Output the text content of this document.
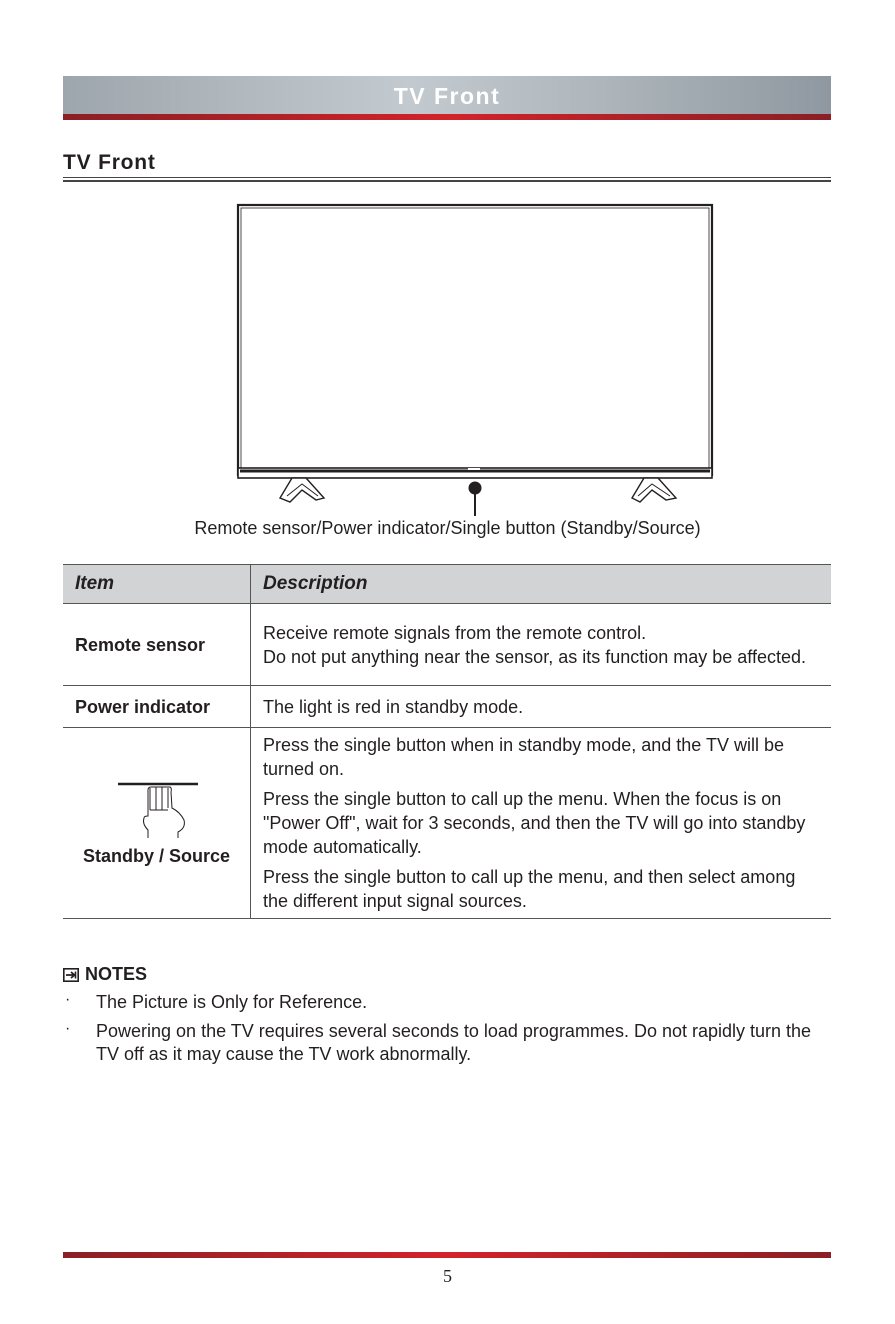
TV Front
TV Front
Remote sensor/Power indicator/Single button (Standby/Source)
Item	Description
Remote sensor	Receive remote signals from the remote control.
Do not put anything near the sensor, as its function may be affected.
Power indicator	The light is red in standby mode.

Standby / Source	Press the single button when in standby mode, and the TV will be turned on.

Press the single button to call up the menu. When the focus is on "Power Off", wait for 3 seconds, and then the TV will go into standby mode automatically.

Press the single button to call up the menu, and then select among the different input signal sources.

NOTES
· The Picture is Only for Reference.
· Powering on the TV requires several seconds to load programmes. Do not rapidly turn the TV off as it may cause the TV work abnormally.
5
